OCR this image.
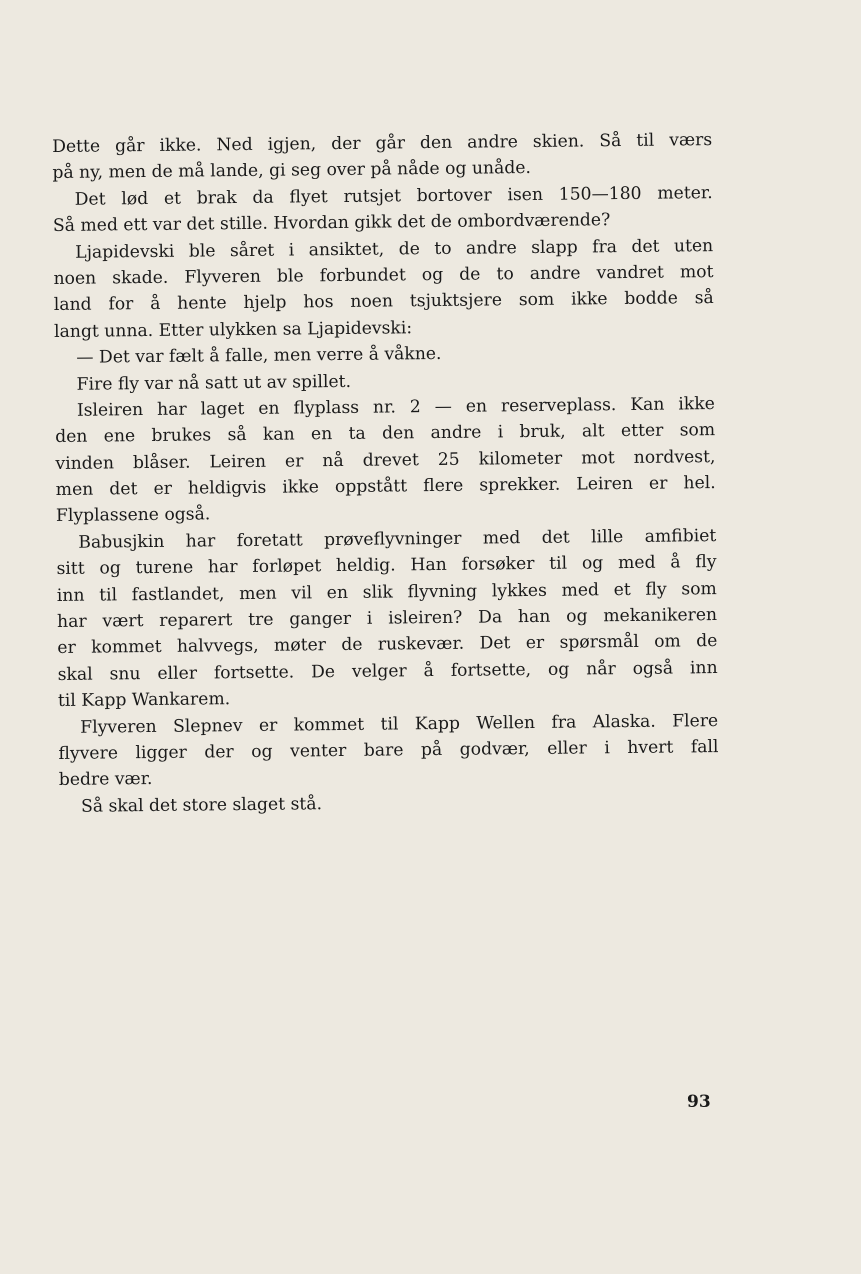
Dette går ikke. Ned igjen, der går den andre skien. Så til værs
på ny, men de må lande, gi seg over på nåde og unåde.
Det lød et brak da flyet rutsjet bortover isen 150—180 meter.
Så med ett var det stille. Hvordan gikk det de ombordværende?
Ljapidevski ble såret i ansiktet, de to andre slapp fra det uten
noen skade. Flyveren ble forbundet og de to andre vandret mot
land for å hente hjelp hos noen tsjuktsjere som ikke bodde så
langt unna. Etter ulykken sa Ljapidevski:
— Det var fælt å falle, men verre å våkne.
Fire fly var nå satt ut av spillet.
Isleiren har laget en flyplass nr. 2 — en reserveplass. Kan ikke
den ene brukes så kan en ta den andre i bruk, alt etter som
vinden blåser. Leiren er nå drevet 25 kilometer mot nordvest,
men det er heldigvis ikke oppstått flere sprekker. Leiren er hel.
Flyplassene også.
Babusjkin har foretatt prøveflyvninger med det lille amfibiet
sitt og turene har forløpet heldig. Han forsøker til og med å fly
inn til fastlandet, men vil en slik flyvning lykkes med et fly som
har vært reparert tre ganger i isleiren? Da han og mekanikeren
er kommet halvvegs, møter de ruskevær. Det er spørsmål om de
skal snu eller fortsette. De velger å fortsette, og når også inn
til Kapp Wankarem.
Flyveren Slepnev er kommet til Kapp Wellen fra Alaska. Flere
flyvere ligger der og venter bare på godvær, eller i hvert fall
bedre vær.
Så skal det store slaget stå.
93
